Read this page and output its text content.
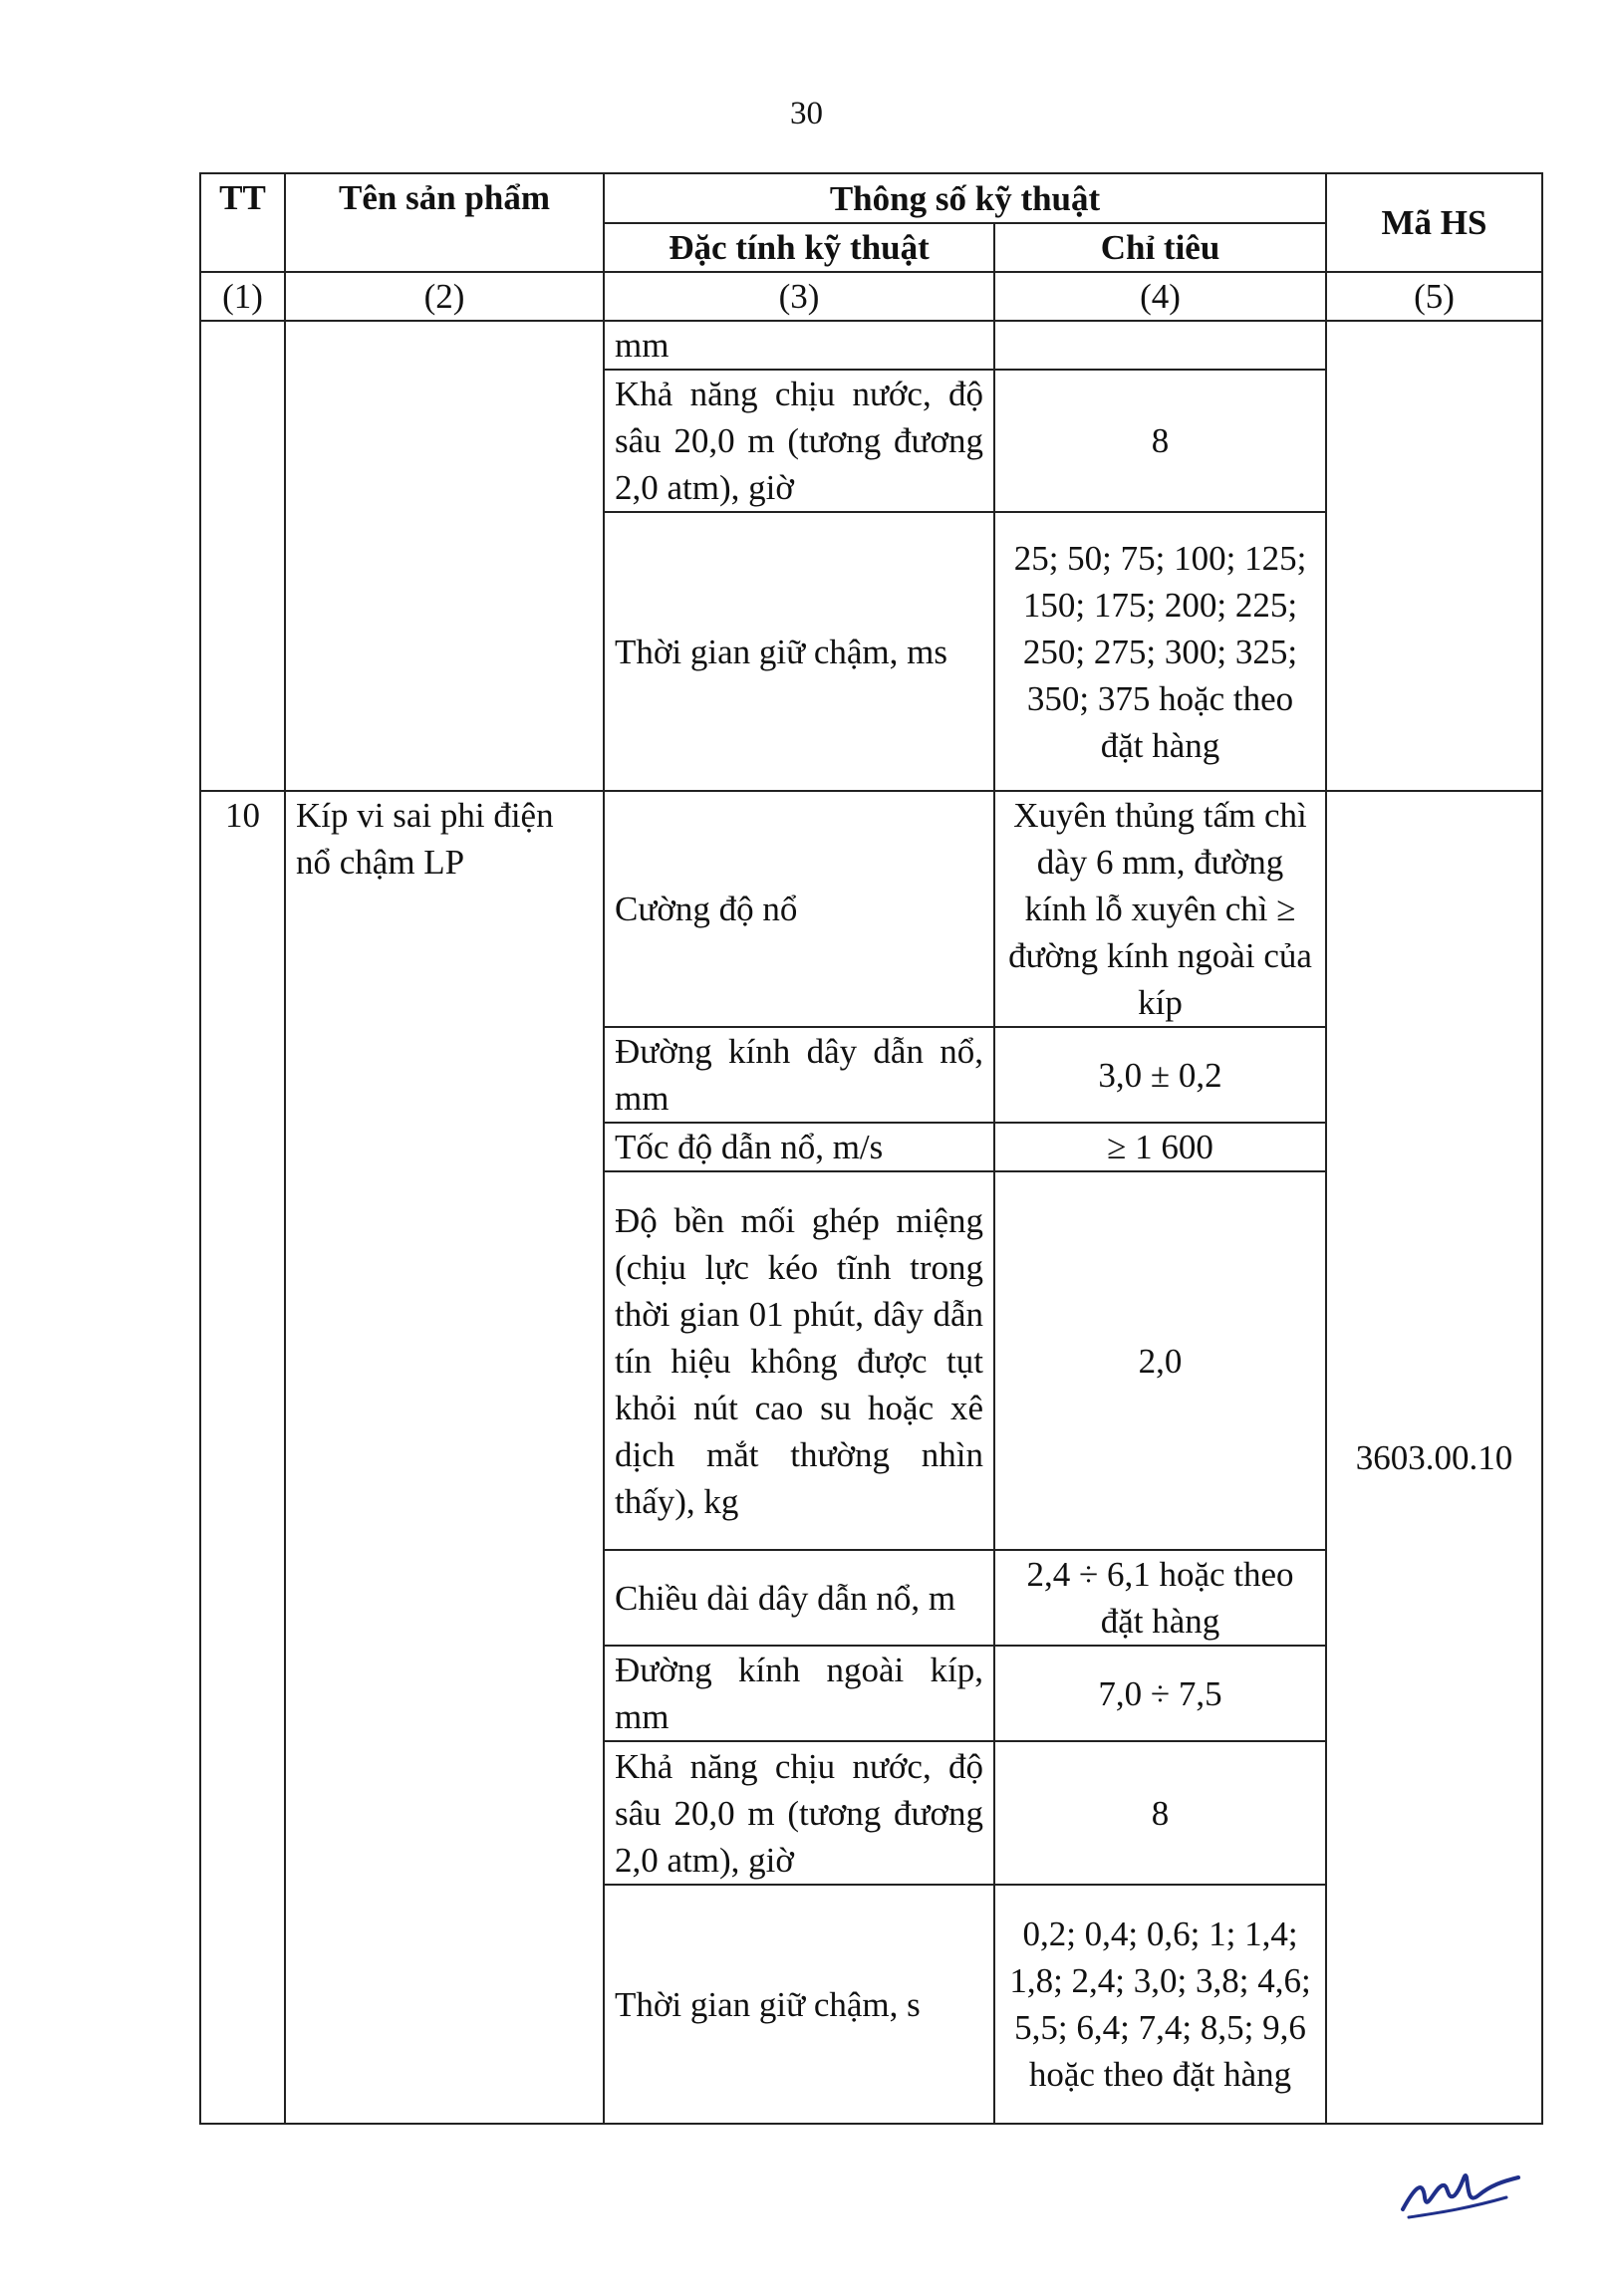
30
TT	Tên sản phẩm	Thông số kỹ thuật		Mã HS
		Đặc tính kỹ thuật	Chỉ tiêu	
(1)	(2)	(3)	(4)	(5)
		mm		
		Khả năng chịu nước, độ sâu 20,0 m (tương đương 2,0 atm), giờ	8	
		Thời gian giữ chậm, ms	25; 50; 75; 100; 125; 150; 175; 200; 225; 250; 275; 300; 325; 350; 375 hoặc theo đặt hàng	
10	Kíp vi sai phi điện nổ chậm LP	Cường độ nổ	Xuyên thủng tấm chì dày 6 mm, đường kính lỗ xuyên chì ≥ đường kính ngoài của kíp	3603.00.10
		Đường kính dây dẫn nổ, mm	3,0 ± 0,2	
		Tốc độ dẫn nổ, m/s	≥ 1 600	
		Độ bền mối ghép miệng (chịu lực kéo tĩnh trong thời gian 01 phút, dây dẫn tín hiệu không được tụt khỏi nút cao su hoặc xê dịch mắt thường nhìn thấy), kg	2,0	
		Chiều dài dây dẫn nổ, m	2,4 ÷ 6,1 hoặc theo đặt hàng	
		Đường kính ngoài kíp, mm	7,0 ÷ 7,5	
		Khả năng chịu nước, độ sâu 20,0 m (tương đương 2,0 atm), giờ	8	
		Thời gian giữ chậm, s	0,2; 0,4; 0,6; 1; 1,4; 1,8; 2,4; 3,0; 3,8; 4,6; 5,5; 6,4; 7,4; 8,5; 9,6 hoặc theo đặt hàng	
